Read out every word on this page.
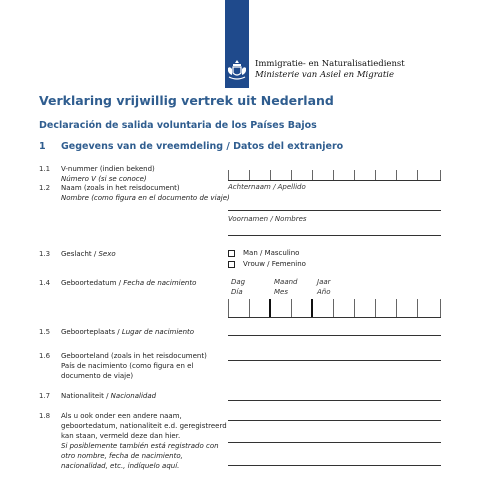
Immigratie- en Naturalisatiedienst
Ministerie van Asiel en Migratie
Verklaring vrijwillig vertrek uit Nederland
Declaración de salida voluntaria de los Países Bajos
1 Gegevens van de vreemdeling / Datos del extranjero
1.1 V-nummer (indien bekend)
Número V (si se conoce)
1.2 Naam (zoals in het reisdocument)
Nombre (como figura en el documento de viaje)
Achternaam / Apellido
Voornamen / Nombres
1.3 Geslacht / Sexo	Man / Masculino
Vrouw / Femenino
1.4 Geboortedatum / Fecha de nacimiento	Dag
Día
Maand
Mes
Jaar
Año
1.5 Geboorteplaats / Lugar de nacimiento
1.6 Geboorteland (zoals in het reisdocument)
País de nacimiento (como figura en el
documento de viaje)
1.7 Nationaliteit / Nacionalidad
1.8 Als u ook onder een andere naam,
geboortedatum, nationaliteit e.d. geregistreerd
kan staan, vermeld deze dan hier.
Si posiblemente también está registrado con
otro nombre, fecha de nacimiento,
nacionalidad, etc., indíquelo aquí.
